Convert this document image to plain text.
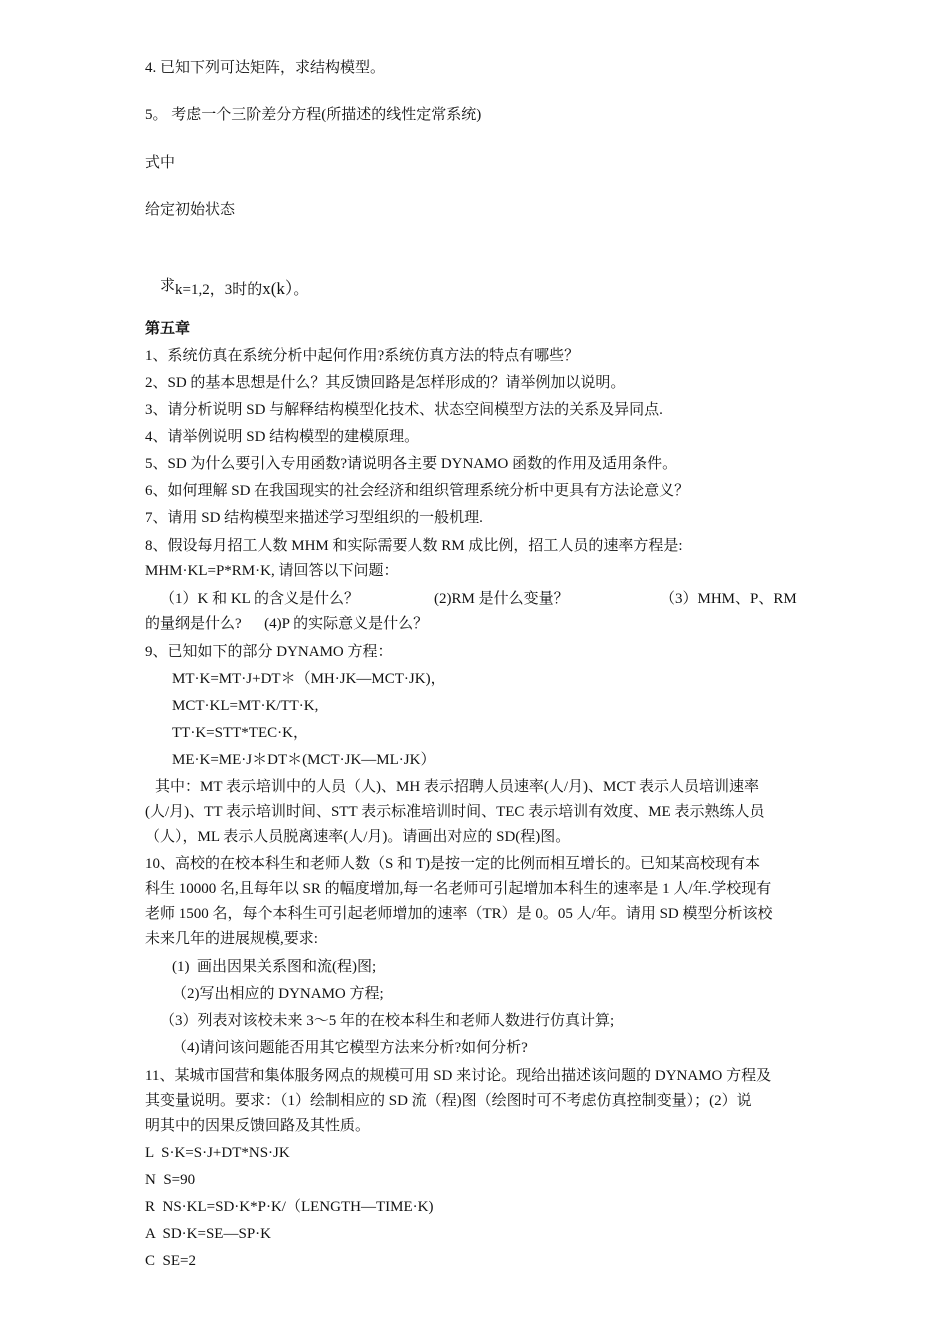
4. 已知下列可达矩阵，求结构模型。
5。 考虑一个三阶差分方程(所描述的线性定常系统)
式中
给定初始状态

求k=1,2，3时的x(k）。

第五章
1、系统仿真在系统分析中起何作用?系统仿真方法的特点有哪些？
2、SD 的基本思想是什么？其反馈回路是怎样形成的？请举例加以说明。
3、请分析说明 SD 与解释结构模型化技术、状态空间模型方法的关系及异同点.
4、请举例说明 SD 结构模型的建模原理。
5、SD 为什么要引入专用函数?请说明各主要 DYNAMO 函数的作用及适用条件。
6、如何理解 SD 在我国现实的社会经济和组织管理系统分析中更具有方法论意义？
7、请用 SD 结构模型来描述学习型组织的一般机理.
8、假设每月招工人数 MHM 和实际需要人数 RM 成比例，招工人员的速率方程是:
MHM·KL=P*RM·K, 请回答以下问题：
（1）K 和 KL 的含义是什么？	(2)RM 是什么变量？	（3）MHM、P、RM
的量纲是什么?      (4)P 的实际意义是什么？
9、已知如下的部分 DYNAMO 方程：
MT·K=MT·J+DT＊（MH·JK—MCT·JK)，
MCT·KL=MT·K/TT·K,
TT·K=STT*TEC·K，
ME·K=ME·J＊DT＊(MCT·JK—ML·JK）
其中：MT 表示培训中的人员（人)、MH 表示招聘人员速率(人/月)、MCT 表示人员培训速率
(人/月)、TT 表示培训时间、STT 表示标准培训时间、TEC 表示培训有效度、ME 表示熟练人员
（人），ML 表示人员脱离速率(人/月)。请画出对应的 SD(程)图。
10、高校的在校本科生和老师人数（S 和 T)是按一定的比例而相互增长的。已知某高校现有本
科生 10000 名,且每年以 SR 的幅度增加,每一名老师可引起增加本科生的速率是 1 人/年.学校现有
老师 1500 名，每个本科生可引起老师增加的速率（TR）是 0。05 人/年。请用 SD 模型分析该校
未来几年的进展规模,要求:
(1)  画出因果关系图和流(程)图;
（2)写出相应的 DYNAMO 方程;
（3）列表对该校未来 3～5 年的在校本科生和老师人数进行仿真计算;
（4)请问该问题能否用其它模型方法来分析?如何分析?
11、某城市国营和集体服务网点的规模可用 SD 来讨论。现给出描述该问题的 DYNAMO 方程及
其变量说明。要求：（1）绘制相应的 SD 流（程)图（绘图时可不考虑仿真控制变量）；(2）说
明其中的因果反馈回路及其性质。
L  S·K=S·J+DT*NS·JK
N  S=90
R  NS·KL=SD·K*P·K/（LENGTH—TIME·K)
A  SD·K=SE—SP·K
C  SE=2
